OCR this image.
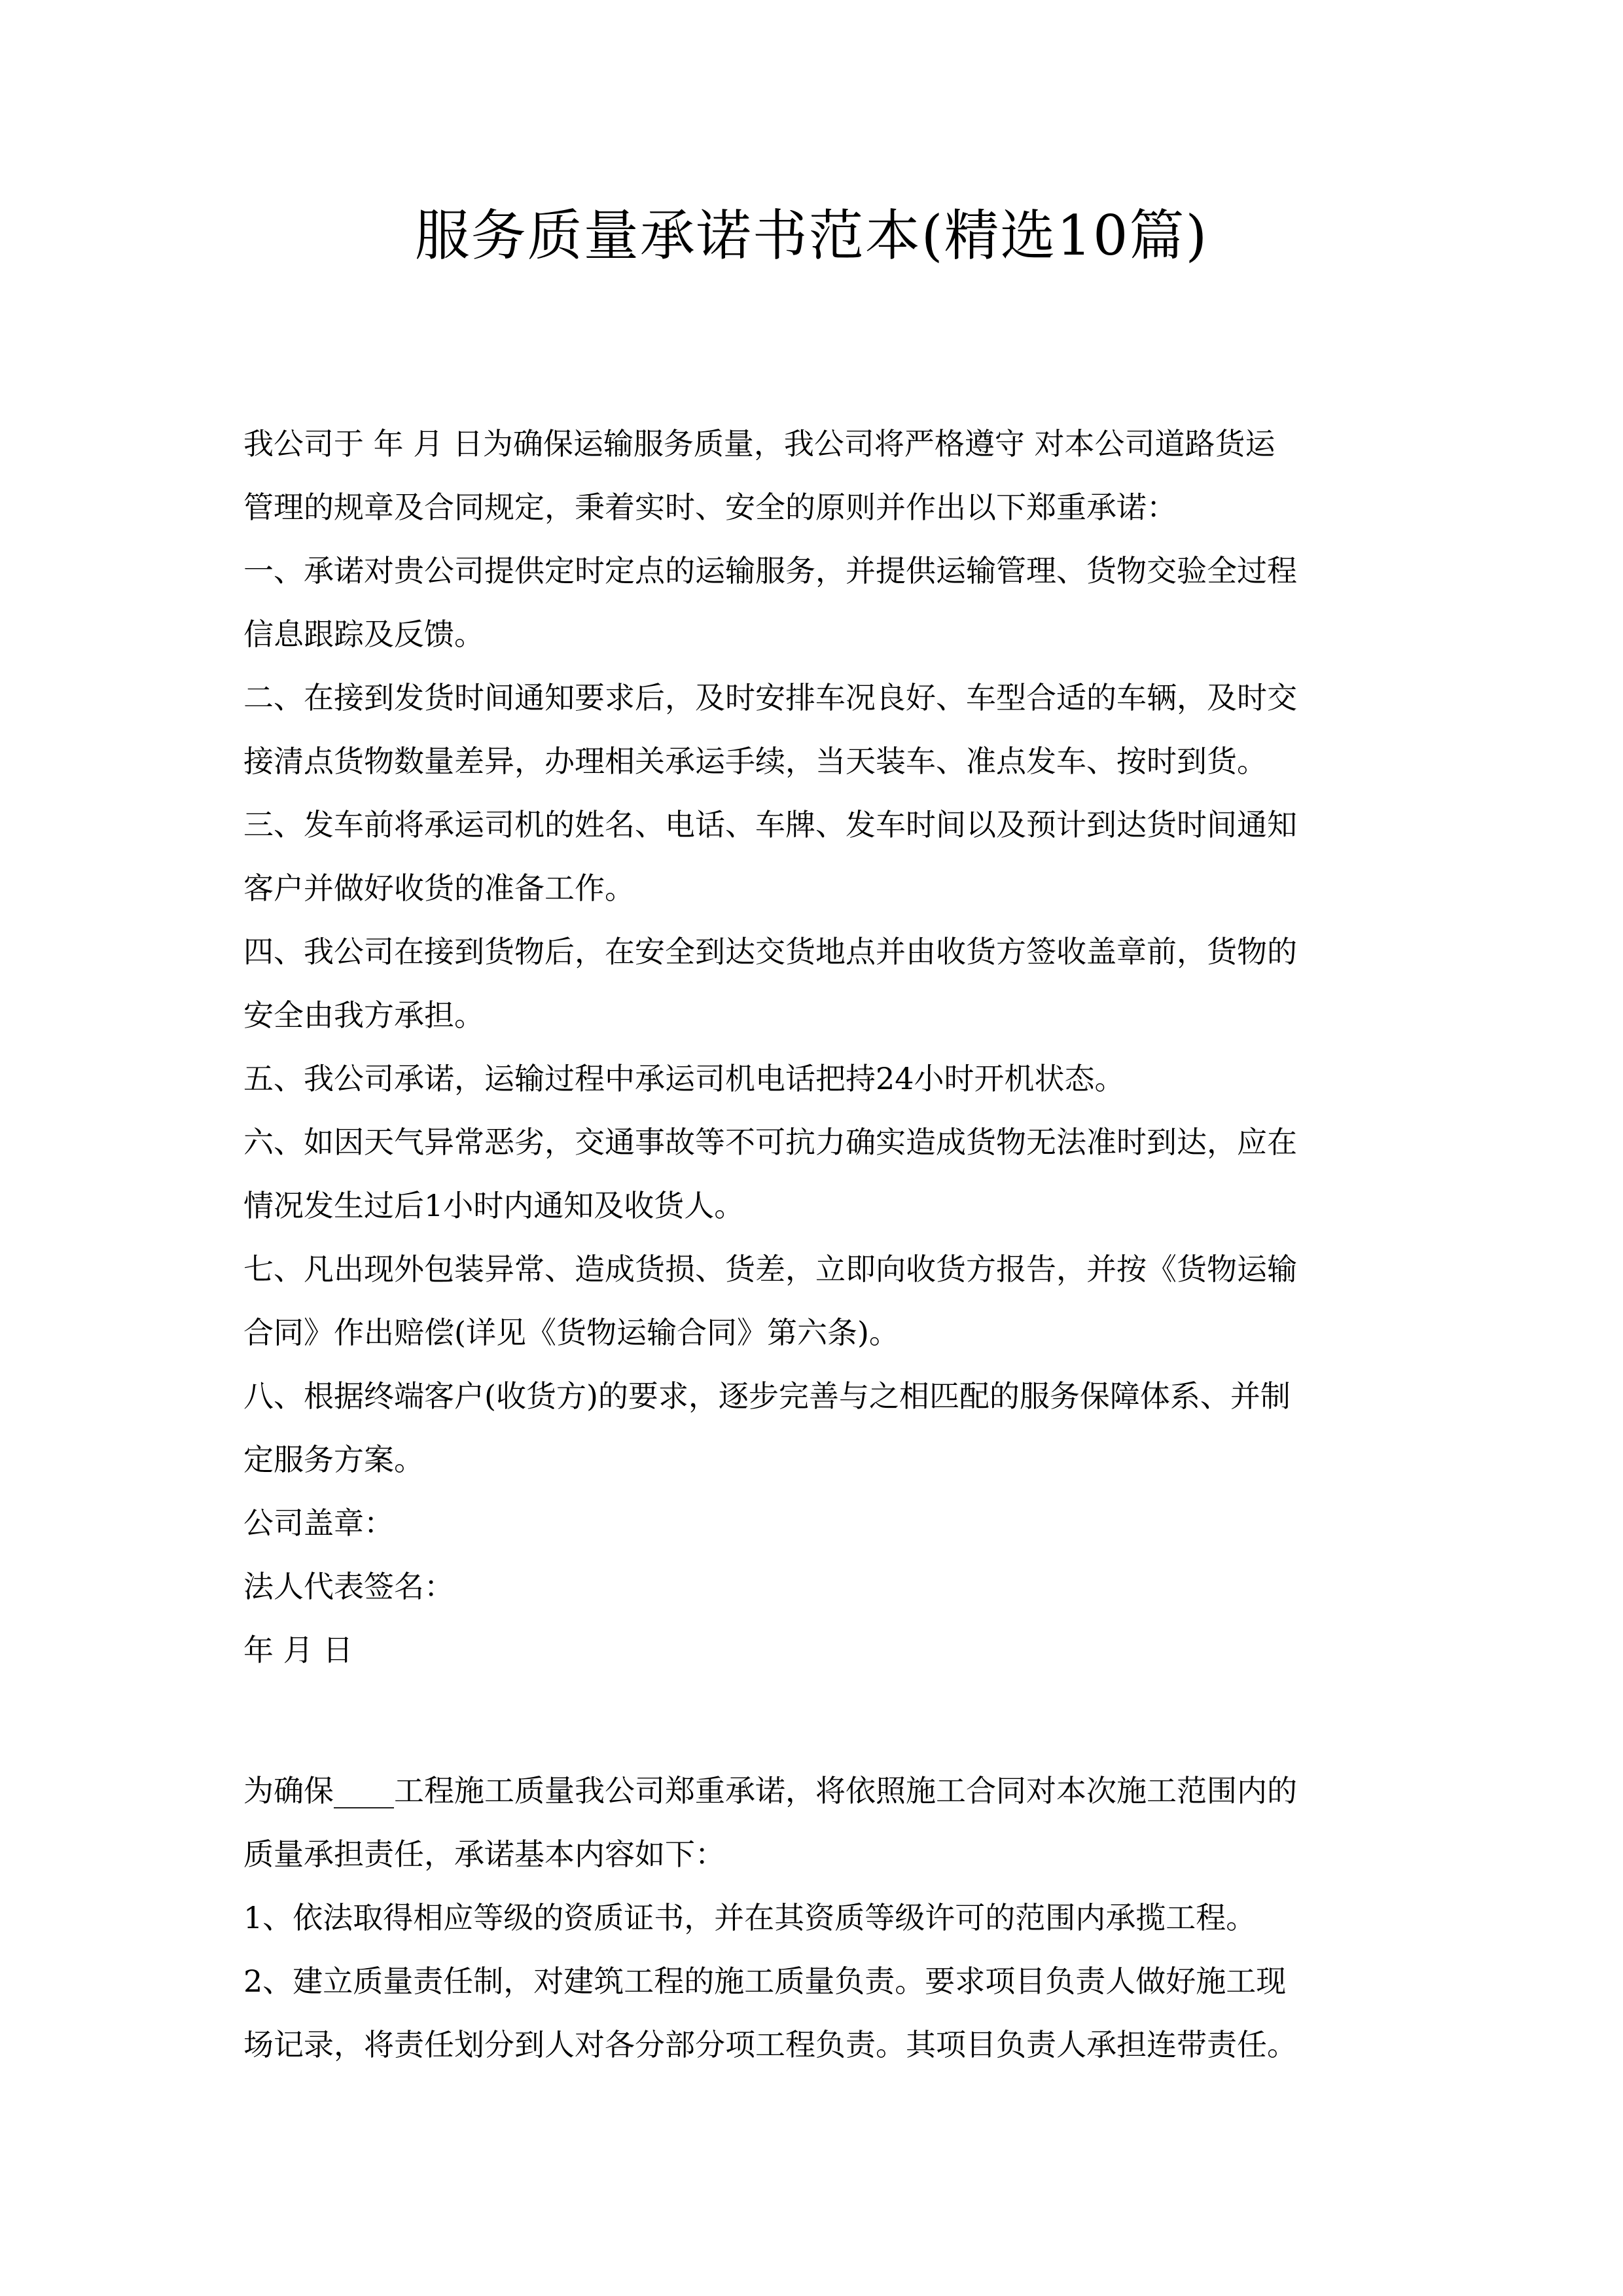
服务质量承诺书范本(精选10篇)
我公司于 年 月 日为确保运输服务质量，我公司将严格遵守 对本公司道路货运
管理的规章及合同规定，秉着实时、安全的原则并作出以下郑重承诺：
一、承诺对贵公司提供定时定点的运输服务，并提供运输管理、货物交验全过程
信息跟踪及反馈。
二、在接到发货时间通知要求后，及时安排车况良好、车型合适的车辆，及时交
接清点货物数量差异，办理相关承运手续，当天装车、准点发车、按时到货。
三、发车前将承运司机的姓名、电话、车牌、发车时间以及预计到达货时间通知
客户并做好收货的准备工作。
四、我公司在接到货物后，在安全到达交货地点并由收货方签收盖章前，货物的
安全由我方承担。
五、我公司承诺，运输过程中承运司机电话把持24小时开机状态。
六、如因天气异常恶劣，交通事故等不可抗力确实造成货物无法准时到达，应在
情况发生过后1小时内通知及收货人。
七、凡出现外包装异常、造成货损、货差，立即向收货方报告，并按《货物运输
合同》作出赔偿(详见《货物运输合同》第六条)。
八、根据终端客户(收货方)的要求，逐步完善与之相匹配的服务保障体系、并制
定服务方案。
公司盖章：
法人代表签名：
年 月 日
为确保____工程施工质量我公司郑重承诺，将依照施工合同对本次施工范围内的
质量承担责任，承诺基本内容如下：
1、依法取得相应等级的资质证书，并在其资质等级许可的范围内承揽工程。
2、建立质量责任制，对建筑工程的施工质量负责。要求项目负责人做好施工现
场记录，将责任划分到人对各分部分项工程负责。其项目负责人承担连带责任。
